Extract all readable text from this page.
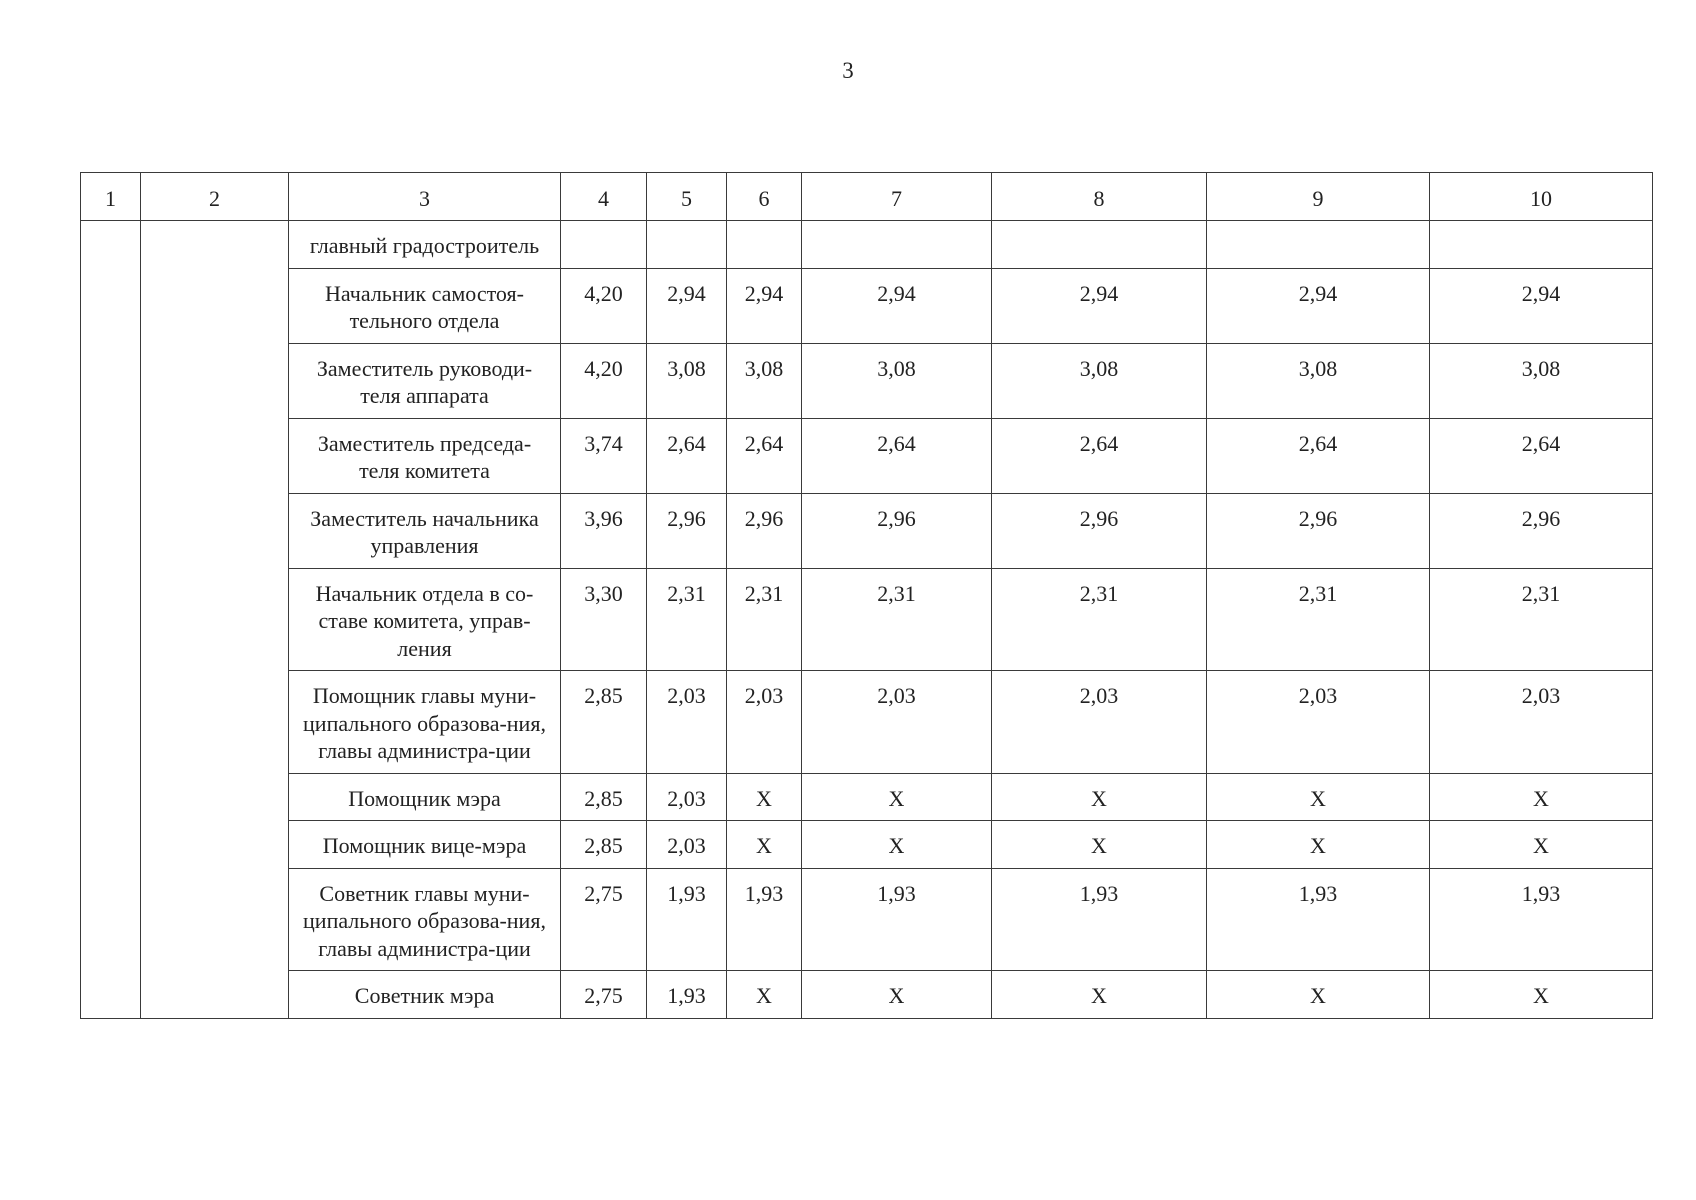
3
1	2	3	4	5	6	7	8	9	10
		главный градостроитель							
		Начальник самостоя-тельного отдела	4,20	2,94	2,94	2,94	2,94	2,94	2,94
		Заместитель руководи-теля аппарата	4,20	3,08	3,08	3,08	3,08	3,08	3,08
		Заместитель председа-теля комитета	3,74	2,64	2,64	2,64	2,64	2,64	2,64
		Заместитель начальника управления	3,96	2,96	2,96	2,96	2,96	2,96	2,96
		Начальник отдела в со-ставе комитета, управ-ления	3,30	2,31	2,31	2,31	2,31	2,31	2,31
		Помощник главы муни-ципального образова-ния, главы администра-ции	2,85	2,03	2,03	2,03	2,03	2,03	2,03
		Помощник мэра	2,85	2,03	X	X	X	X	X
		Помощник вице-мэра	2,85	2,03	X	X	X	X	X
		Советник главы муни-ципального образова-ния, главы администра-ции	2,75	1,93	1,93	1,93	1,93	1,93	1,93
		Советник мэра	2,75	1,93	X	X	X	X	X
